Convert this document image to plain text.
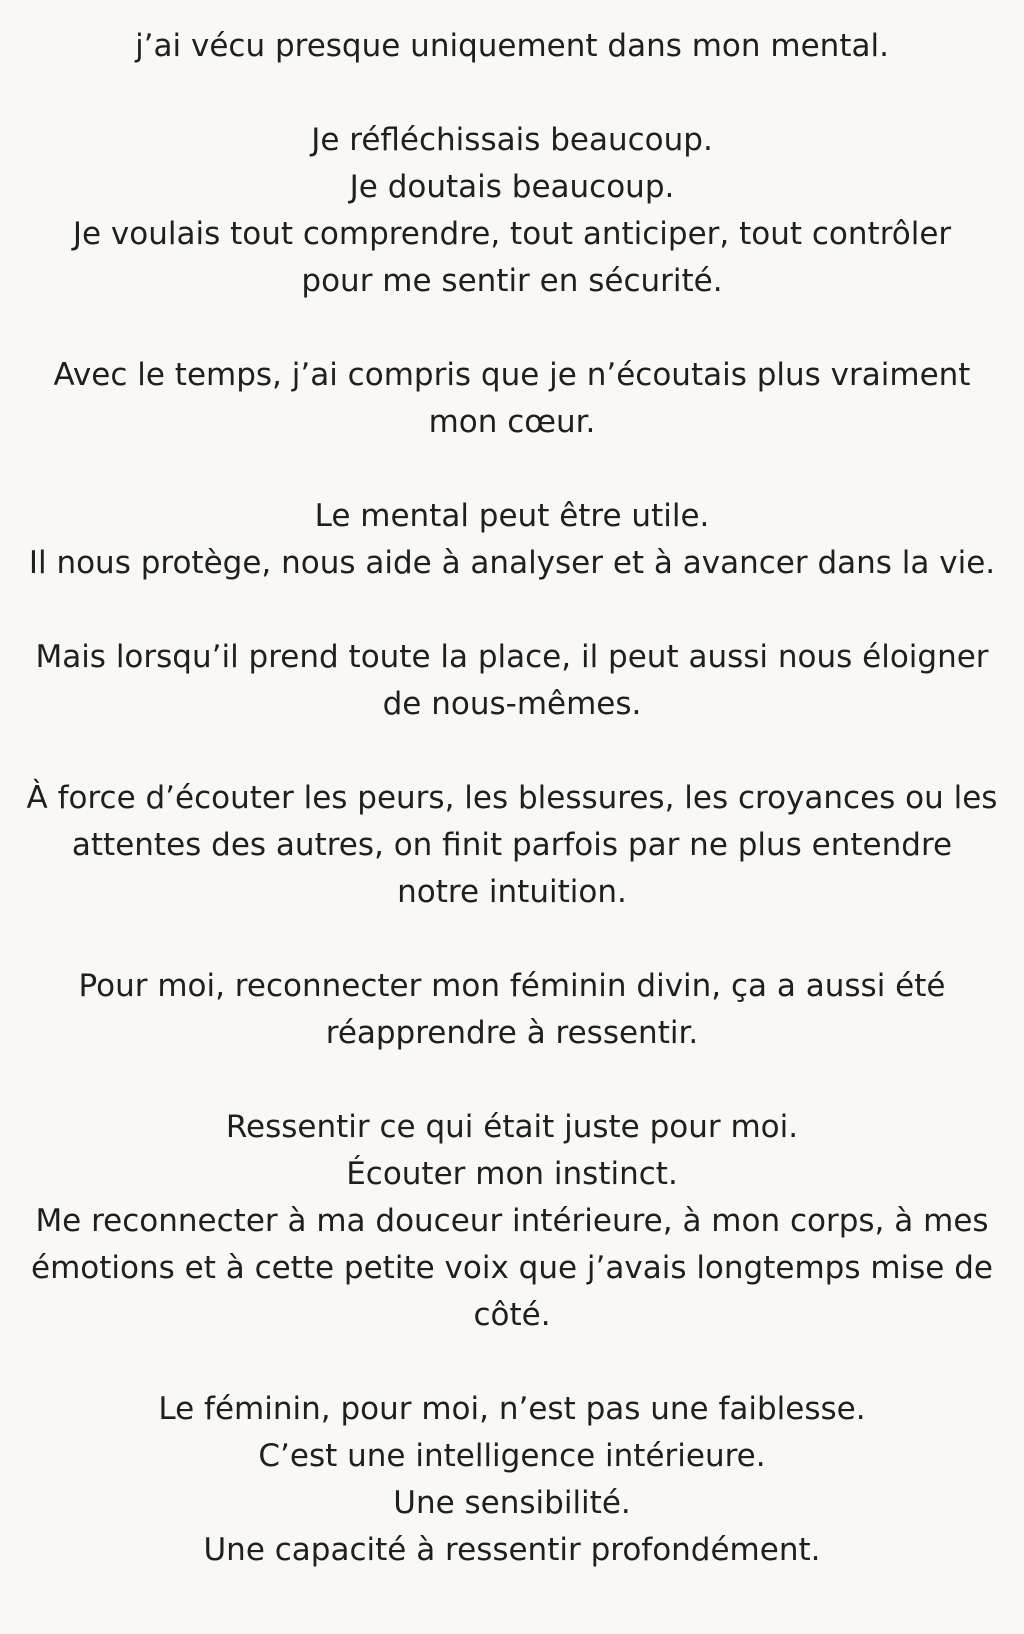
j’ai vécu presque uniquement dans mon mental.

Je réfléchissais beaucoup.

Je doutais beaucoup.

Je voulais tout comprendre, tout anticiper, tout contrôler

pour me sentir en sécurité.

Avec le temps, j’ai compris que je n’écoutais plus vraiment

mon cœur.

Le mental peut être utile.

Il nous protège, nous aide à analyser et à avancer dans la vie.

Mais lorsqu’il prend toute la place, il peut aussi nous éloigner

de nous-mêmes.

À force d’écouter les peurs, les blessures, les croyances ou les

attentes des autres, on finit parfois par ne plus entendre

notre intuition.

Pour moi, reconnecter mon féminin divin, ça a aussi été

réapprendre à ressentir.

Ressentir ce qui était juste pour moi.

Écouter mon instinct.

Me reconnecter à ma douceur intérieure, à mon corps, à mes

émotions et à cette petite voix que j’avais longtemps mise de

côté.

Le féminin, pour moi, n’est pas une faiblesse.

C’est une intelligence intérieure.

Une sensibilité.

Une capacité à ressentir profondément.
